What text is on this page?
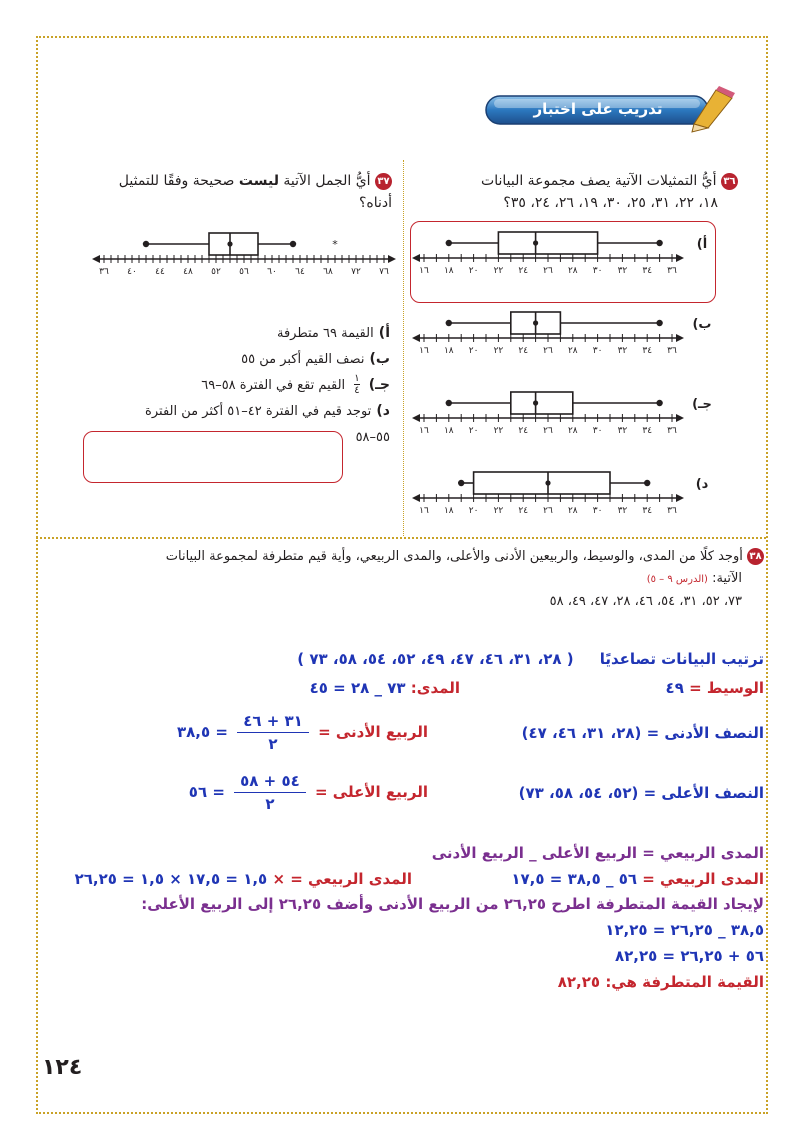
تدريب على اختبار
٣٦ أيُّ التمثيلات الآتية يصف مجموعة البيانات
١٨، ٢٢، ٣١، ٢٥، ٣٠، ١٩، ٢٦، ٢٤، ٣٥؟
١٦ ١٨ ٢٠ ٢٢ ٢٤ ٢٦ ٢٨ ٣٠ ٣٢ ٣٤ ٣٦
أ)
١٦ ١٨ ٢٠ ٢٢ ٢٤ ٢٦ ٢٨ ٣٠ ٣٢ ٣٤ ٣٦
ب)
١٦ ١٨ ٢٠ ٢٢ ٢٤ ٢٦ ٢٨ ٣٠ ٣٢ ٣٤ ٣٦
جـ)
١٦ ١٨ ٢٠ ٢٢ ٢٤ ٢٦ ٢٨ ٣٠ ٣٢ ٣٤ ٣٦
د)
٣٧ أيُّ الجمل الآتية ليست صحيحة وفقًا للتمثيل
أدناه؟
٣٦ ٤٠ ٤٤ ٤٨ ٥٢ ٥٦ ٦٠ ٦٤ ٦٨ ٧٢ ٧٦
*
أ) القيمة ٦٩ متطرفة
ب) نصف القيم أكبر من ٥٥
جـ)
$\frac{١}{٤}$
القيم تقع في الفترة ٥٨–٦٩
د) توجد قيم في الفترة ٤٢–٥١ أكثر من الفترة
٥٥–٥٨
٣٨ أوجد كلًا من المدى، والوسيط، والربيعين الأدنى والأعلى، والمدى الربيعي، وأية قيم متطرفة لمجموعة البيانات
الآتية: (الدرس ٩ – ٥)
٧٣، ٥٢، ٣١، ٥٤، ٤٦، ٢٨، ٤٧، ٤٩، ٥٨
ترتيب البيانات تصاعديًا     ( ٢٨، ٣١، ٤٦، ٤٧، ٤٩، ٥٢، ٥٤، ٥٨، ٧٣ )
الوسيط = ٤٩
المدى: ٧٣ _ ٢٨ = ٤٥
النصف الأدنى = (٢٨، ٣١، ٤٦، ٤٧)
الربيع الأدنى =
$\frac{٣١ + ٤٦}{٢}$
= ٣٨,٥
النصف الأعلى = (٥٢، ٥٤، ٥٨، ٧٣)
الربيع الأعلى =
$\frac{٥٤ + ٥٨}{٢}$
= ٥٦
المدى الربيعي = الربيع الأعلى _ الربيع الأدنى
المدى الربيعي = ٥٦ _ ٣٨,٥ = ١٧,٥
المدى الربيعي = × ١,٥ = ١٧,٥ × ١,٥ = ٢٦,٢٥
لإيجاد القيمة المتطرفة اطرح ٢٦,٢٥ من الربيع الأدنى وأضف ٢٦,٢٥ إلى الربيع الأعلى:
٣٨,٥ _ ٢٦,٢٥ = ١٢,٢٥
٥٦ + ٢٦,٢٥ = ٨٢,٢٥
القيمة المتطرفة هي: ٨٢,٢٥
١٢٤
